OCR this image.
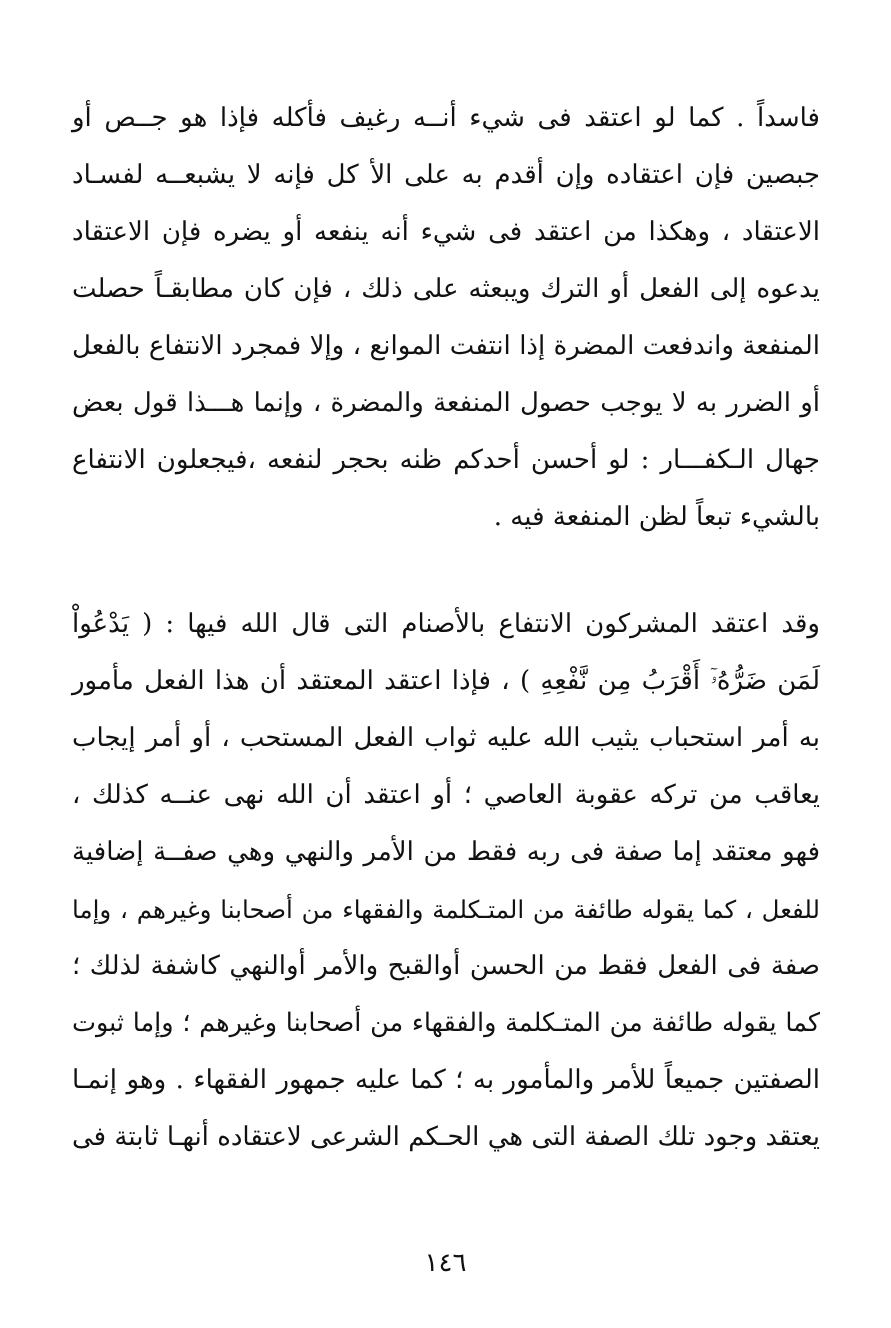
فاسداً . كما لو اعتقد فى شيء أنــه رغيف فأكله فإذا هو جــص أو
جبصين فإن اعتقاده وإن أقدم به على الأ كل فإنه لا يشبعــه لفسـاد
الاعتقاد ، وهكذا من اعتقد فى شيء أنه ينفعه أو يضره فإن الاعتقاد
يدعوه إلى الفعل أو الترك ويبعثه على ذلك ، فإن كان مطابقـاً حصلت
المنفعة واندفعت المضرة إذا انتفت الموانع ، وإلا فمجرد الانتفاع بالفعل
أو الضرر به لا يوجب حصول المنفعة والمضرة ، وإنما هـــذا قول بعض
جهال الـكفـــار : لو أحسن أحدكم ظنه بحجر لنفعه ،فيجعلون الانتفاع
بالشيء تبعاً لظن المنفعة فيه .
وقد اعتقد المشركون الانتفاع بالأصنام التى قال الله فيها : ( يَدْعُواْ
لَمَن ضَرُّهُۥٓ أَقْرَبُ مِن نَّفْعِهِ ) ، فإذا اعتقد المعتقد أن هذا الفعل مأمور
به أمر استحباب يثيب الله عليه ثواب الفعل المستحب ، أو أمر إيجاب
يعاقب من تركه عقوبة العاصي ؛ أو اعتقد أن الله نهى عنــه كذلك ،
فهو معتقد إما صفة فى ربه فقط من الأمر والنهي وهي صفــة إضافية
للفعل ، كما يقوله طائفة من المتـكلمة والفقهاء من أصحابنا وغيرهم ، وإما
صفة فى الفعل فقط من الحسن أوالقبح والأمر أوالنهي كاشفة لذلك ؛
كما يقوله طائفة من المتـكلمة والفقهاء من أصحابنا وغيرهم ؛ وإما ثبوت
الصفتين جميعاً للأمر والمأمور به ؛ كما عليه جمهور الفقهاء . وهو إنمـا
يعتقد وجود تلك الصفة التى هي الحـكم الشرعى لاعتقاده أنهـا ثابتة فى
١٤٦
